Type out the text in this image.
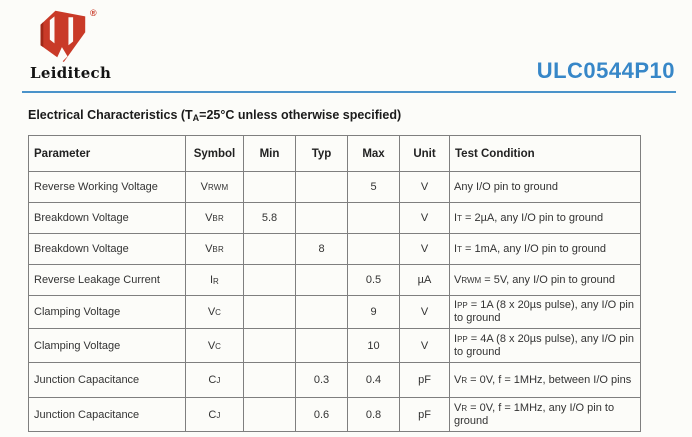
®
Leiditech	ULC0544P10
Electrical Characteristics (TA=25°C unless otherwise specified)
Parameter	Symbol	Min	Typ	Max	Unit	Test Condition
Reverse Working Voltage	VRWM			5	V	Any I/O pin to ground
Breakdown Voltage	VBR	5.8			V	IT = 2µA, any I/O pin to ground
Breakdown Voltage	VBR		8		V	IT = 1mA, any I/O pin to ground
Reverse Leakage Current	IR			0.5	µA	VRWM = 5V, any I/O pin to ground
Clamping Voltage	VC			9	V	IPP = 1A (8 x 20µs pulse), any I/O pin to ground
Clamping Voltage	VC			10	V	IPP = 4A (8 x 20µs pulse), any I/O pin to ground
Junction Capacitance	CJ		0.3	0.4	pF	VR = 0V, f = 1MHz, between I/O pins
Junction Capacitance	CJ		0.6	0.8	pF	VR = 0V, f = 1MHz, any I/O pin to ground
